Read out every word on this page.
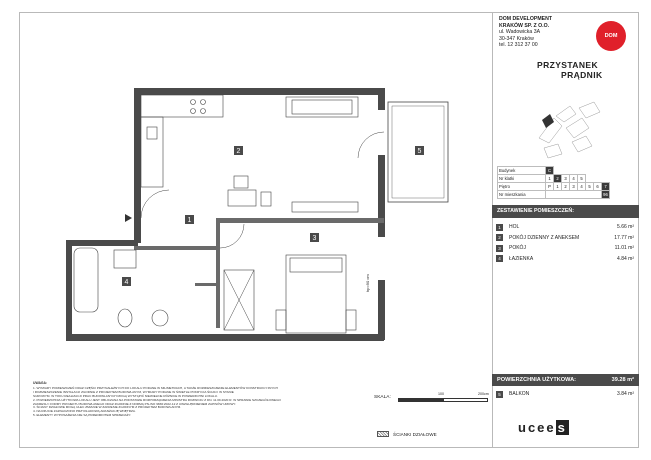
DOM DEVELOPMENT
KRAKÓW SP. Z O.O.
ul. Wadowicka 3A
30-347 Kraków
tel. 12 312 37 00
DOM
PRZYSTANEK
PRĄDNIK
Budynek	C							
Nr klatki	1	2	3	4	5			
Piętro	P	1	2	3	4	5	6	7
Nr mieszkania								96
ZESTAWIENIE POMIESZCZEŃ:
1	HOL	5.66 m²
2	POKÓJ DZIENNY Z ANEKSEM	17.77 m²
3	POKÓJ	11.01 m²
4	ŁAZIENKA	4.84 m²
POWIERZCHNIA UŻYTKOWA:	39.28 m²
5	BALKON	3.84 m²
2
1
3
4
5
hp=90 cm
UWAGA:
1. WYMIARY POMIESZCZEŃ ORAZ CZĘŚCI PRZYNALEŻNYCH DO LOKALU PODANE W MILIMETRACH, A TAKŻE ROZMIESZCZENIE ELEMENTÓW KONSTRUKCYJNYCH
I ROZMIESZCZENIE INSTALACJI ZGODNIE Z PROJEKTEM BUDOWLANYM, WYMIARY PODANE W ŚWIETLE POKRYCIA ŚCIAN I W STANIE
SUROWYM. W TOKU REALIZACJI PRAC BUDOWLANYCH MOGĄ WYSTĄPIĆ NIEWIELKIE RÓŻNICE W POWIERZCHNI LOKALU.
2. POWIERZCHNIA UŻYTKOWA LOKALU JEST OBLICZANA NA PODSTAWIE ROZPORZĄDZENIA MINISTRA ROZWOJU Z DN. 11.09.2020 R. W SPRAWIE SZCZEGÓŁOWEGO
ZAKRESU I FORMY PROJEKTU BUDOWLANEGO ORAZ ZGODNIE Z NORMĄ PN-ISO 9836:2022-12 Z UWZGLĘDNIENIEM ZAPISÓW UMOWY.
3. ŚCIANY DZIAŁOWE MOGĄ ULEC ZMIANIE W ZAKRESIE ZGODNYM Z PROJEKTEM BUDOWLANYM.
4. NA RZUCIE ZAZNACZONO PRZYKŁADOWĄ ARANŻACJĘ WNĘTRZA.
5. ELEMENTY WYPOSAŻENIA NIE SĄ PRZEDMIOTEM SPRZEDAŻY.
SKALA:
100	200cm
ŚCIANKI DZIAŁOWE	ucee s
